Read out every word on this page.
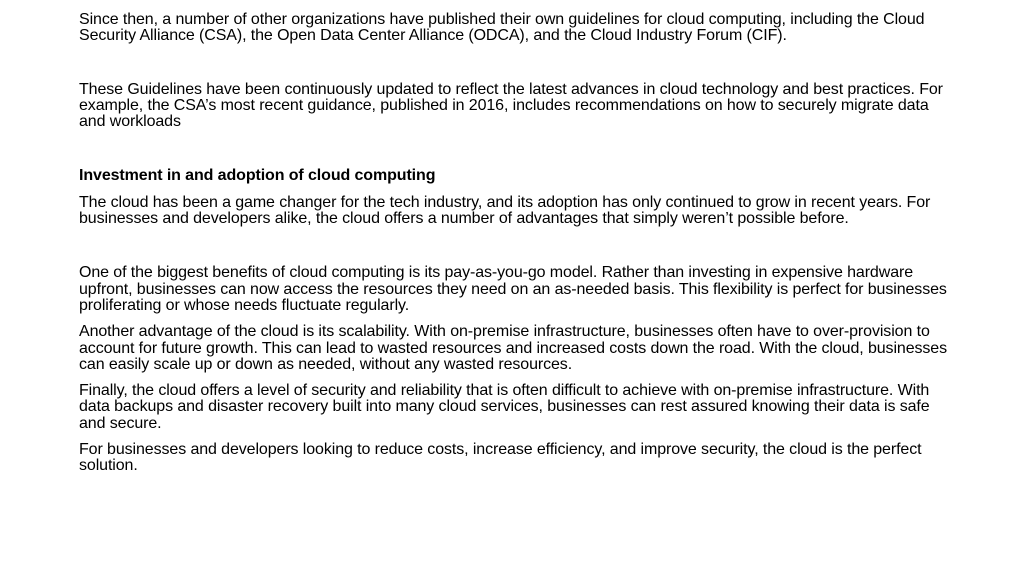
Since then, a number of other organizations have published their own guidelines for cloud computing, including the Cloud Security Alliance (CSA), the Open Data Center Alliance (ODCA), and the Cloud Industry Forum (CIF).

These Guidelines have been continuously updated to reflect the latest advances in cloud technology and best practices. For example, the CSA’s most recent guidance, published in 2016, includes recommendations on how to securely migrate data and workloads

Investment in and adoption of cloud computing

The cloud has been a game changer for the tech industry, and its adoption has only continued to grow in recent years. For businesses and developers alike, the cloud offers a number of advantages that simply weren’t possible before.

One of the biggest benefits of cloud computing is its pay-as-you-go model. Rather than investing in expensive hardware upfront, businesses can now access the resources they need on an as-needed basis. This flexibility is perfect for businesses proliferating or whose needs fluctuate regularly.

Another advantage of the cloud is its scalability. With on-premise infrastructure, businesses often have to over-provision to account for future growth. This can lead to wasted resources and increased costs down the road. With the cloud, businesses can easily scale up or down as needed, without any wasted resources.

Finally, the cloud offers a level of security and reliability that is often difficult to achieve with on-premise infrastructure. With data backups and disaster recovery built into many cloud services, businesses can rest assured knowing their data is safe and secure.

For businesses and developers looking to reduce costs, increase efficiency, and improve security, the cloud is the perfect solution.
